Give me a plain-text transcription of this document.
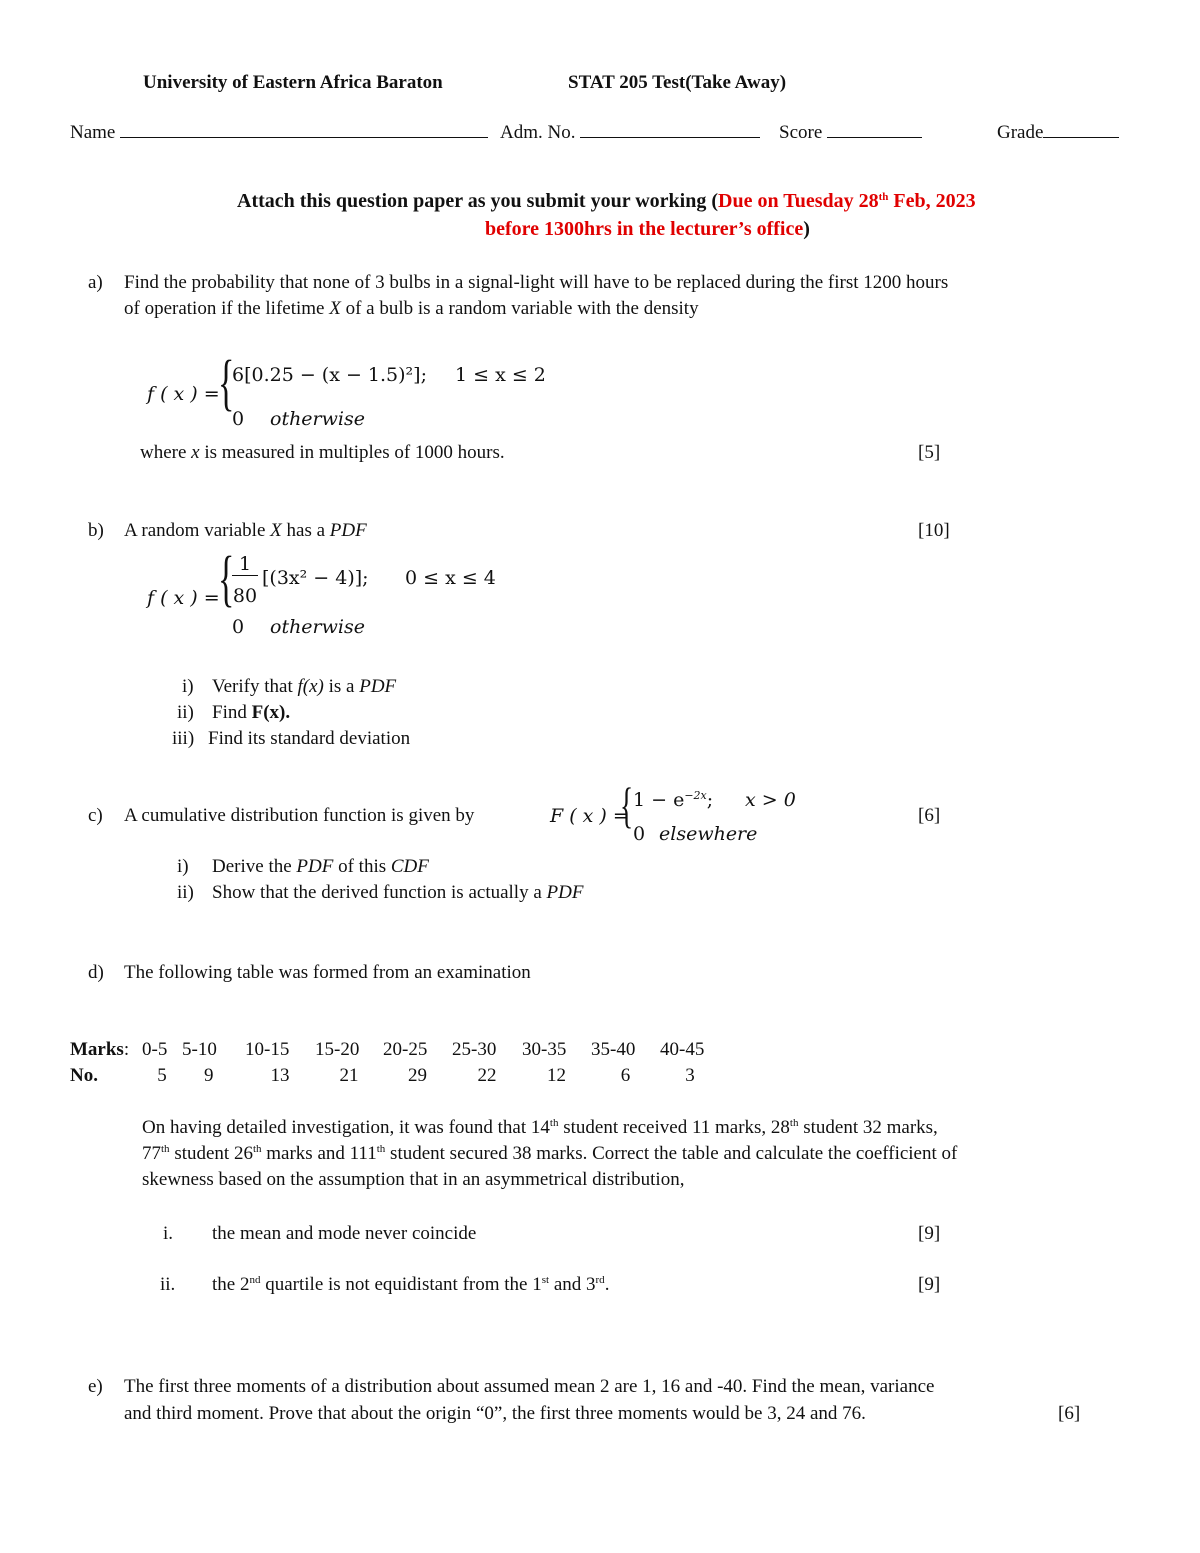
University of Eastern Africa Baraton	STAT 205 Test(Take Away)
Name	Adm. No.	Score	Grade
Attach this question paper as you submit your working (Due on Tuesday 28th Feb, 2023
before 1300hrs in the lecturer’s office)
a) Find the probability that none of 3 bulbs in a signal-light will have to be replaced during the first 1200 hours
of operation if the lifetime X of a bulb is a random variable with the density
f ( x ) =
{
6[0.25 − (x − 1.5)²]; 1 ≤ x ≤ 2
0 otherwise
where x is measured in multiples of 1000 hours.	[5]
b) A random variable X has a PDF	[10]
f ( x ) =
{ 1
80
[(3x² − 4)]; 0 ≤ x ≤ 4
0 otherwise
i) Verify that f(x) is a PDF
ii) Find F(x).
iii) Find its standard deviation
c) A cumulative distribution function is given by	F ( x ) =
{ $1 - e^{-2x}$; x > 0
0 elsewhere
[6]
i) Derive the PDF of this CDF
ii) Show that the derived function is actually a PDF
d) The following table was formed from an examination
Marks:	0-5	5-10	10-15	15-20	20-25	25-30	30-35	35-40	40-45
No.	5	9	13	21	29	22	12	6	3
On having detailed investigation, it was found that 14th student received 11 marks, 28th student 32 marks,
77th student 26th marks and 111th student secured 38 marks. Correct the table and calculate the coefficient of
skewness based on the assumption that in an asymmetrical distribution,
i. the mean and mode never coincide	[9]
ii. the 2nd quartile is not equidistant from the 1st and 3rd.	[9]
e) The first three moments of a distribution about assumed mean 2 are 1, 16 and -40. Find the mean, variance
and third moment. Prove that about the origin “0”, the first three moments would be 3, 24 and 76.	[6]
